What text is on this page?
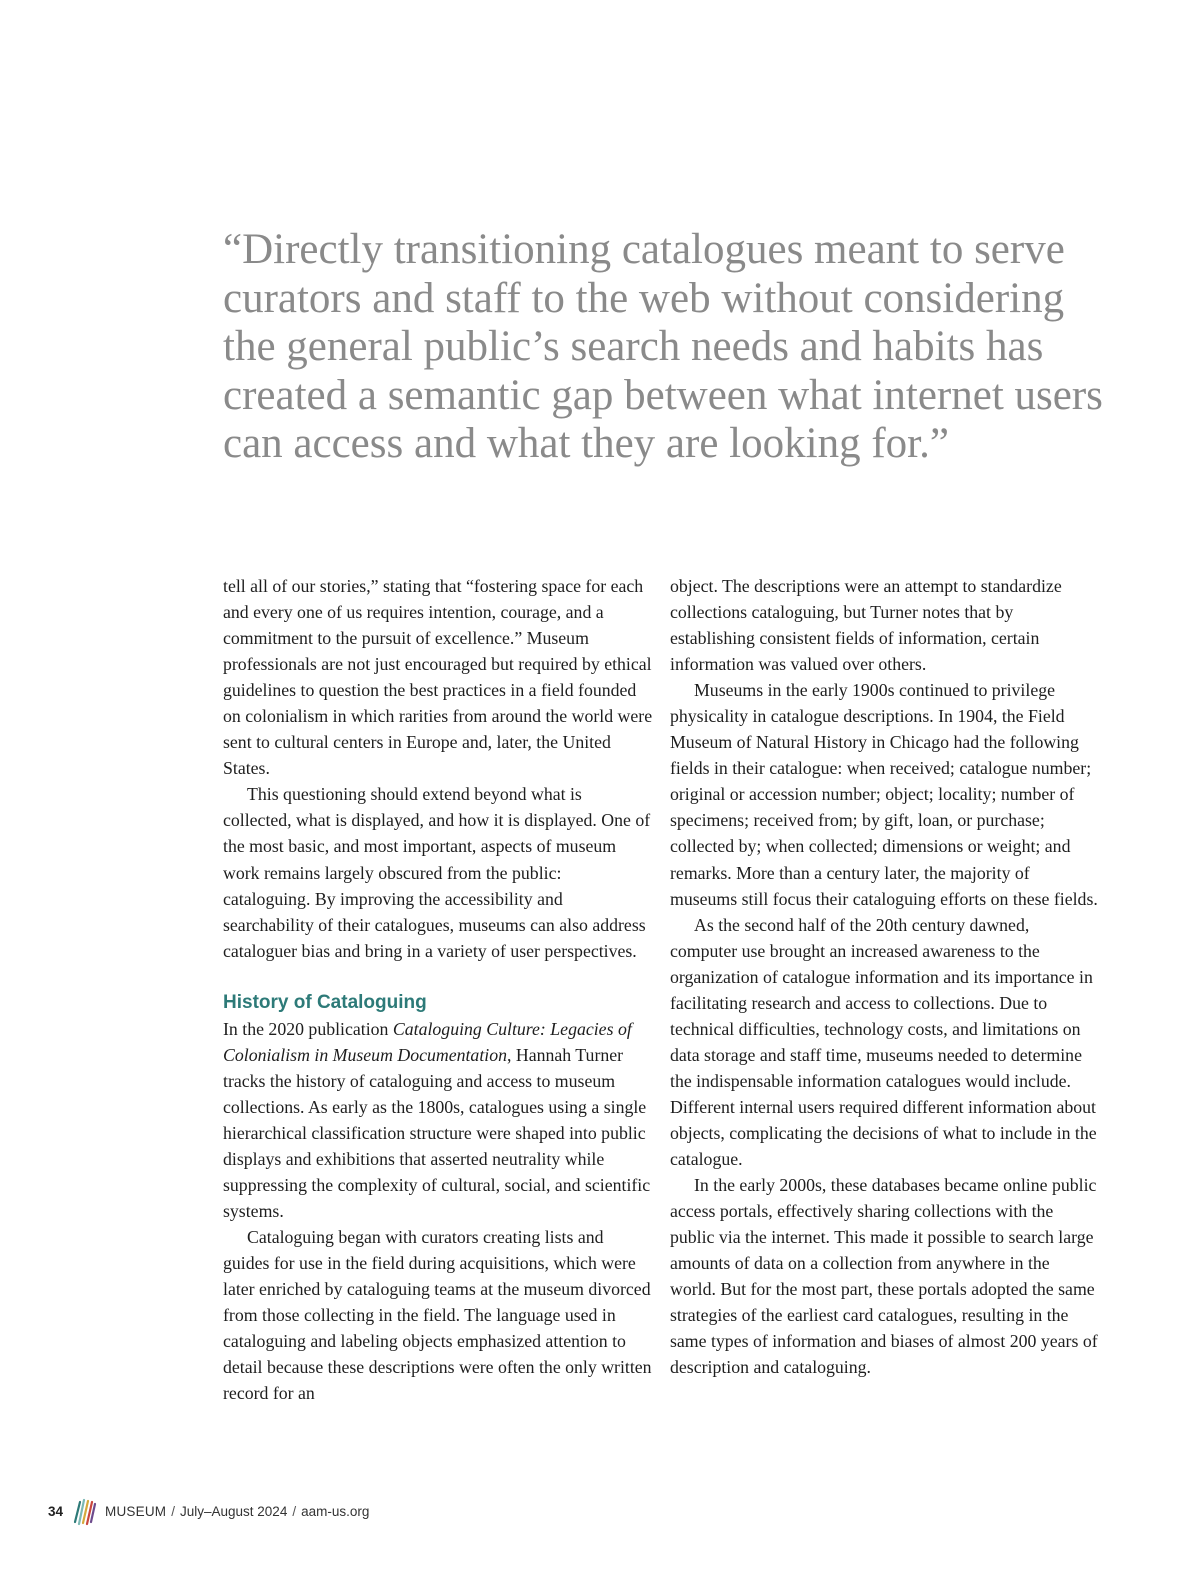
“Directly transitioning catalogues meant to serve curators and staff to the web without considering the general public’s search needs and habits has created a semantic gap between what internet users can access and what they are looking for.”

tell all of our stories,” stating that “fostering space for each and every one of us requires intention, courage, and a commitment to the pursuit of excellence.” Museum professionals are not just encouraged but required by ethical guidelines to question the best practices in a field founded on colonialism in which rarities from around the world were sent to cultural centers in Europe and, later, the United States.

This questioning should extend beyond what is collected, what is displayed, and how it is displayed. One of the most basic, and most important, aspects of museum work remains largely obscured from the public: cataloguing. By improving the accessibility and searchability of their catalogues, museums can also address cataloguer bias and bring in a variety of user perspectives.

History of Cataloguing

In the 2020 publication Cataloguing Culture: Legacies of Colonialism in Museum Documentation, Hannah Turner tracks the history of cataloguing and access to museum collections. As early as the 1800s, catalogues using a single hierarchical classification structure were shaped into public displays and exhibitions that asserted neutrality while suppressing the complexity of cultural, social, and scientific systems.

Cataloguing began with curators creating lists and guides for use in the field during acquisitions, which were later enriched by cataloguing teams at the museum divorced from those collecting in the field. The language used in cataloguing and labeling objects emphasized attention to detail because these descriptions were often the only written record for an

object. The descriptions were an attempt to standardize collections cataloguing, but Turner notes that by establishing consistent fields of information, certain information was valued over others.

Museums in the early 1900s continued to privilege physicality in catalogue descriptions. In 1904, the Field Museum of Natural History in Chicago had the following fields in their catalogue: when received; catalogue number; original or accession number; object; locality; number of specimens; received from; by gift, loan, or purchase; collected by; when collected; dimensions or weight; and remarks. More than a century later, the majority of museums still focus their cataloguing efforts on these fields.

As the second half of the 20th century dawned, computer use brought an increased awareness to the organization of catalogue information and its importance in facilitating research and access to collections. Due to technical difficulties, technology costs, and limitations on data storage and staff time, museums needed to determine the indispensable information catalogues would include. Different internal users required different information about objects, complicating the decisions of what to include in the catalogue.

In the early 2000s, these databases became online public access portals, effectively sharing collections with the public via the internet. This made it possible to search large amounts of data on a collection from anywhere in the world. But for the most part, these portals adopted the same strategies of the earliest card catalogues, resulting in the same types of information and biases of almost 200 years of description and cataloguing.

34	MUSEUM / July–August 2024 / aam-us.org
